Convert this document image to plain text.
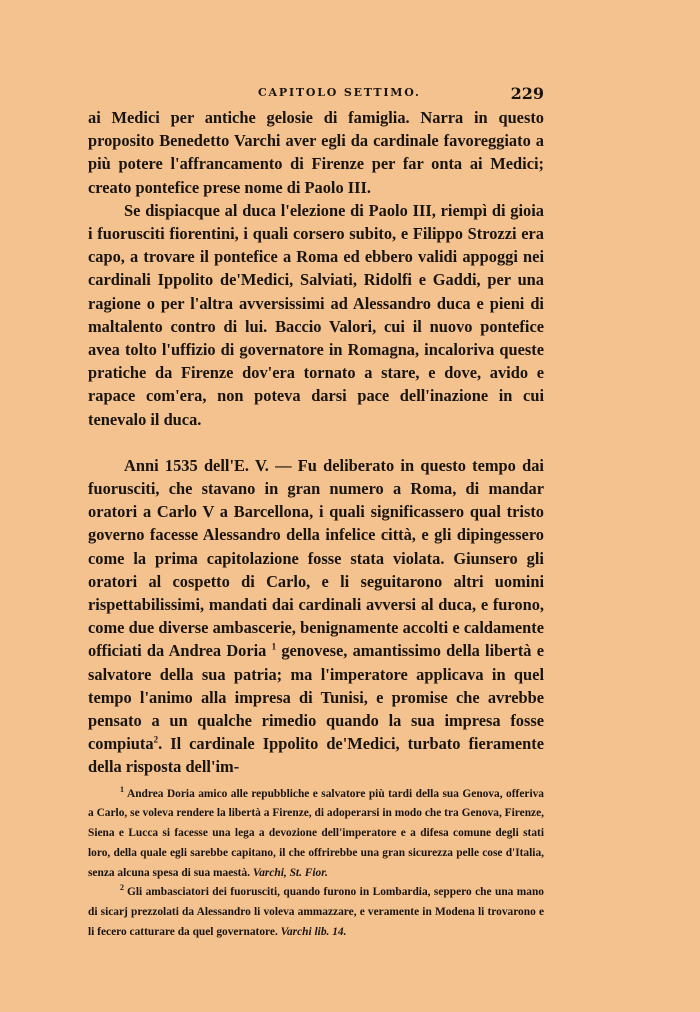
CAPITOLO SETTIMO.	229

ai Medici per antiche gelosie di famiglia. Narra in questo proposito Benedetto Varchi aver egli da cardinale favoreggiato a più potere l'affrancamento di Firenze per far onta ai Medici; creato pontefice prese nome di Paolo III.

Se dispiacque al duca l'elezione di Paolo III, riempì di gioia i fuorusciti fiorentini, i quali corsero subito, e Filippo Strozzi era capo, a trovare il pontefice a Roma ed ebbero validi appoggi nei cardinali Ippolito de'Medici, Salviati, Ridolfi e Gaddi, per una ragione o per l'altra avversissimi ad Alessandro duca e pieni di maltalento contro di lui. Baccio Valori, cui il nuovo pontefice avea tolto l'uffizio di governatore in Romagna, incaloriva queste pratiche da Firenze dov'era tornato a stare, e dove, avido e rapace com'era, non poteva darsi pace dell'inazione in cui tenevalo il duca.

Anni 1535 dell'E. V. — Fu deliberato in questo tempo dai fuorusciti, che stavano in gran numero a Roma, di mandar oratori a Carlo V a Barcellona, i quali significassero qual tristo governo facesse Alessandro della infelice città, e gli dipingessero come la prima capitolazione fosse stata violata. Giunsero gli oratori al cospetto di Carlo, e li seguitarono altri uomini rispettabilissimi, mandati dai cardinali avversi al duca, e furono, come due diverse ambascerie, benignamente accolti e caldamente officiati da Andrea Doria $^1$ genovese, amantissimo della libertà e salvatore della sua patria; ma l'imperatore applicava in quel tempo l'animo alla impresa di Tunisi, e promise che avrebbe pensato a un qualche rimedio quando la sua impresa fosse compiuta$^2$. Il cardinale Ippolito de'Medici, turbato fieramente della risposta dell'im-

$^1$ Andrea Doria amico alle repubbliche e salvatore più tardi della sua Genova, offeriva a Carlo, se voleva rendere la libertà a Firenze, di adoperarsi in modo che tra Genova, Firenze, Siena e Lucca si facesse una lega a devozione dell'imperatore e a difesa comune degli stati loro, della quale egli sarebbe capitano, il che offrirebbe una gran sicurezza pelle cose d'Italia, senza alcuna spesa di sua maestà. Varchi, St. Fior.

$^2$ Gli ambasciatori dei fuorusciti, quando furono in Lombardia, seppero che una mano di sicarj prezzolati da Alessandro li voleva ammazzare, e veramente in Modena li trovarono e li fecero catturare da quel governatore. Varchi lib. 14.
